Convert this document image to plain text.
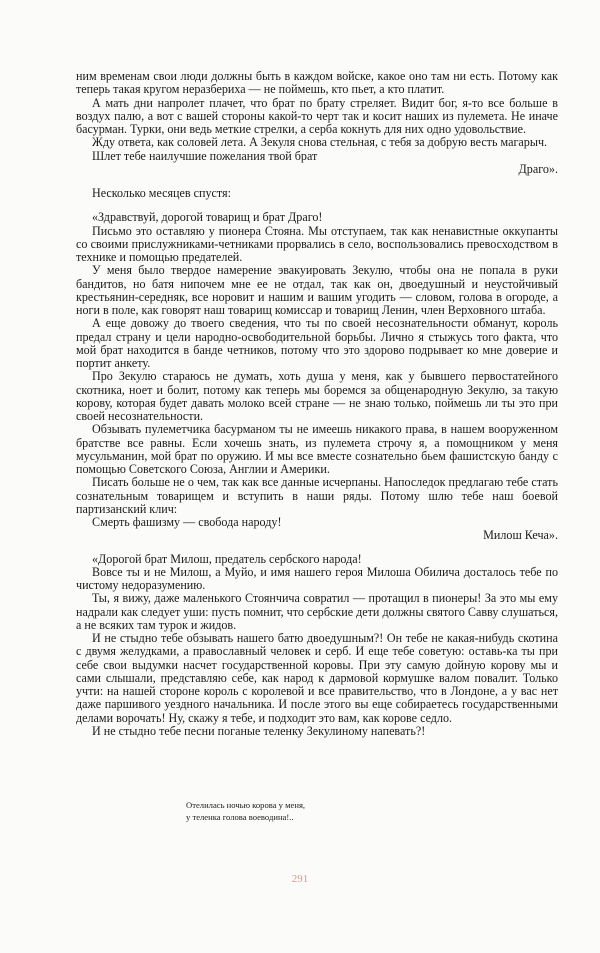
ним временам свои люди должны быть в каждом войске, какое оно там ни есть. Потому как теперь такая кругом неразбериха — не поймешь, кто пьет, а кто платит.

А мать дни напролет плачет, что брат по брату стреляет. Видит бог, я-то все больше в воздух палю, а вот с вашей стороны какой-то черт так и косит наших из пулемета. Не иначе басурман. Турки, они ведь меткие стрелки, а серба кокнуть для них одно удовольствие.

Жду ответа, как соловей лета. А Зекуля снова стельная, с тебя за добрую весть магарыч.

Шлет тебе наилучшие пожелания твой брат

Драго».

Несколько месяцев спустя:

«Здравствуй, дорогой товарищ и брат Драго!

Письмо это оставляю у пионера Стояна. Мы отступаем, так как ненавистные оккупанты со своими прислужниками-четниками прорвались в село, воспользовались превосходством в технике и помощью предателей.

У меня было твердое намерение эвакуировать Зекулю, чтобы она не попала в руки бандитов, но батя нипочем мне ее не отдал, так как он, двоедушный и неустойчивый крестьянин-середняк, все норовит и нашим и вашим угодить — словом, голова в огороде, а ноги в поле, как говорят наш товарищ комиссар и товарищ Ленин, член Верховного штаба.

А еще довожу до твоего сведения, что ты по своей несознательности обманут, король предал страну и цели народно-освободительной борьбы. Лично я стыжусь того факта, что мой брат находится в банде четников, потому что это здорово подрывает ко мне доверие и портит анкету.

Про Зекулю стараюсь не думать, хоть душа у меня, как у бывшего первостатейного скотника, ноет и болит, потому как теперь мы боремся за общенародную Зекулю, за такую корову, которая будет давать молоко всей стране — не знаю только, поймешь ли ты это при своей несознательности.

Обзывать пулеметчика басурманом ты не имеешь никакого права, в нашем вооруженном братстве все равны. Если хочешь знать, из пулемета строчу я, а помощником у меня мусульманин, мой брат по оружию. И мы все вместе сознательно бьем фашистскую банду с помощью Советского Союза, Англии и Америки.

Писать больше не о чем, так как все данные исчерпаны. Напоследок предлагаю тебе стать сознательным товарищем и вступить в наши ряды. Потому шлю тебе наш боевой партизанский клич:

Смерть фашизму — свобода народу!

Милош Кеча».

«Дорогой брат Милош, предатель сербского народа!

Вовсе ты и не Милош, а Муйо, и имя нашего героя Милоша Обилича досталось тебе по чистому недоразумению.

Ты, я вижу, даже маленького Стоянчича совратил — протащил в пионеры! За это мы ему надрали как следует уши: пусть помнит, что сербские дети должны святого Савву слушаться, а не всяких там турок и жидов.

И не стыдно тебе обзывать нашего батю двоедушным?! Он тебе не какая-нибудь скотина с двумя желудками, а православный человек и серб. И еще тебе советую: оставь-ка ты при себе свои выдумки насчет государственной коровы. При эту самую дойную корову мы и сами слышали, представляю себе, как народ к дармовой кормушке валом повалит. Только учти: на нашей стороне король с королевой и все правительство, что в Лондоне, а у вас нет даже паршивого уездного начальника. И после этого вы еще собираетесь государственными делами ворочать! Ну, скажу я тебе, и подходит это вам, как корове седло.

И не стыдно тебе песни поганые теленку Зекулиному напевать?!

Отелилась ночью корова у меня,

у теленка голова воеводина!..

291
